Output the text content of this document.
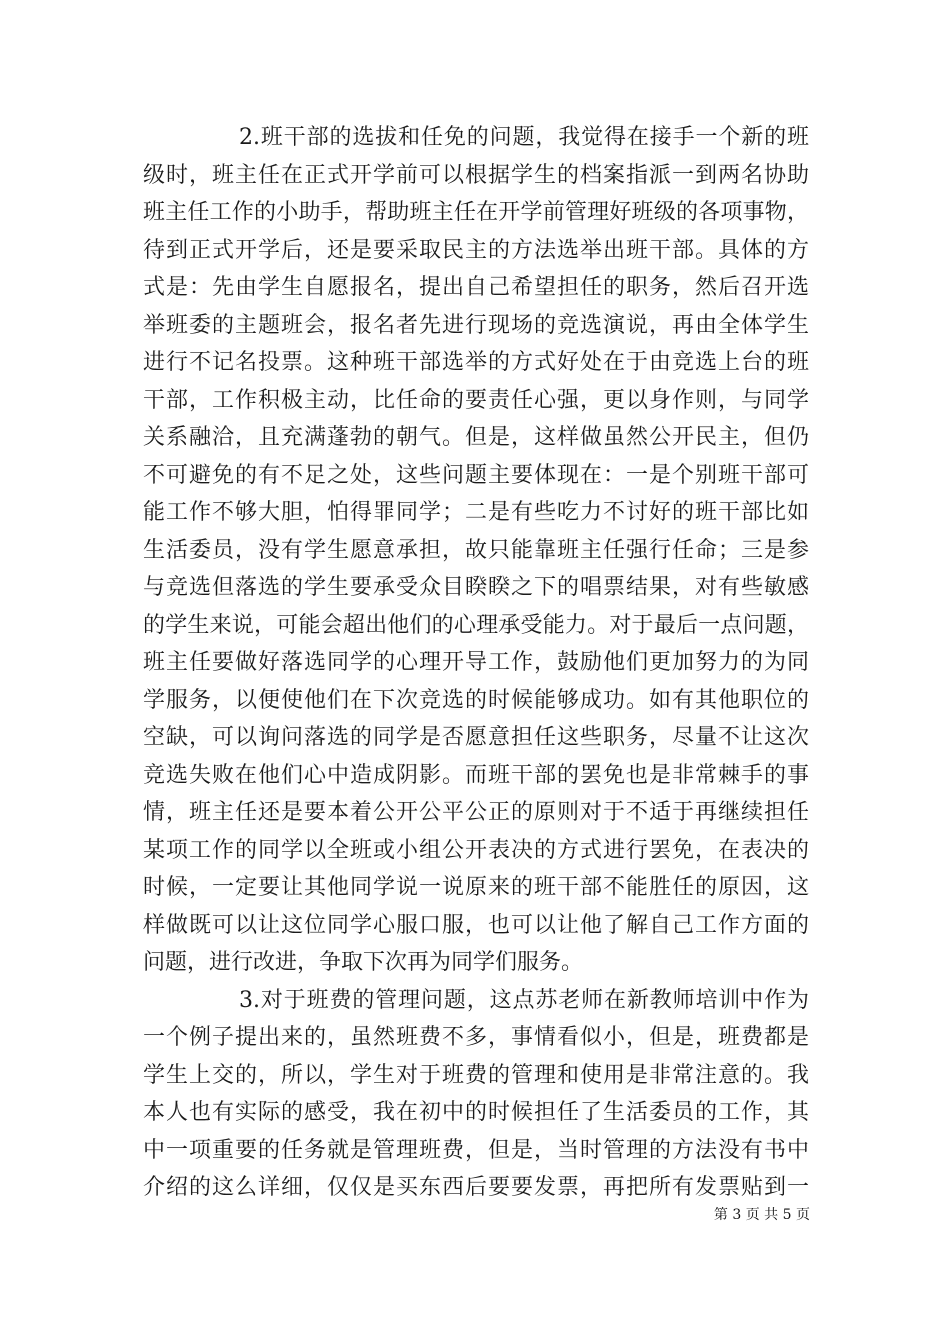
2.班干部的选拔和任免的问题，我觉得在接手一个新的班
级时，班主任在正式开学前可以根据学生的档案指派一到两名协助
班主任工作的小助手，帮助班主任在开学前管理好班级的各项事物，
待到正式开学后，还是要采取民主的方法选举出班干部。具体的方
式是：先由学生自愿报名，提出自己希望担任的职务，然后召开选
举班委的主题班会，报名者先进行现场的竞选演说，再由全体学生
进行不记名投票。这种班干部选举的方式好处在于由竞选上台的班
干部，工作积极主动，比任命的要责任心强，更以身作则，与同学
关系融洽，且充满蓬勃的朝气。但是，这样做虽然公开民主，但仍
不可避免的有不足之处，这些问题主要体现在：一是个别班干部可
能工作不够大胆，怕得罪同学；二是有些吃力不讨好的班干部比如
生活委员，没有学生愿意承担，故只能靠班主任强行任命；三是参
与竞选但落选的学生要承受众目睽睽之下的唱票结果，对有些敏感
的学生来说，可能会超出他们的心理承受能力。对于最后一点问题，
班主任要做好落选同学的心理开导工作，鼓励他们更加努力的为同
学服务，以便使他们在下次竞选的时候能够成功。如有其他职位的
空缺，可以询问落选的同学是否愿意担任这些职务，尽量不让这次
竞选失败在他们心中造成阴影。而班干部的罢免也是非常棘手的事
情，班主任还是要本着公开公平公正的原则对于不适于再继续担任
某项工作的同学以全班或小组公开表决的方式进行罢免，在表决的
时候，一定要让其他同学说一说原来的班干部不能胜任的原因，这
样做既可以让这位同学心服口服，也可以让他了解自己工作方面的
问题，进行改进，争取下次再为同学们服务。
3.对于班费的管理问题，这点苏老师在新教师培训中作为
一个例子提出来的，虽然班费不多，事情看似小，但是，班费都是
学生上交的，所以，学生对于班费的管理和使用是非常注意的。我
本人也有实际的感受，我在初中的时候担任了生活委员的工作，其
中一项重要的任务就是管理班费，但是，当时管理的方法没有书中
介绍的这么详细，仅仅是买东西后要要发票，再把所有发票贴到一
第 3 页 共 5 页
